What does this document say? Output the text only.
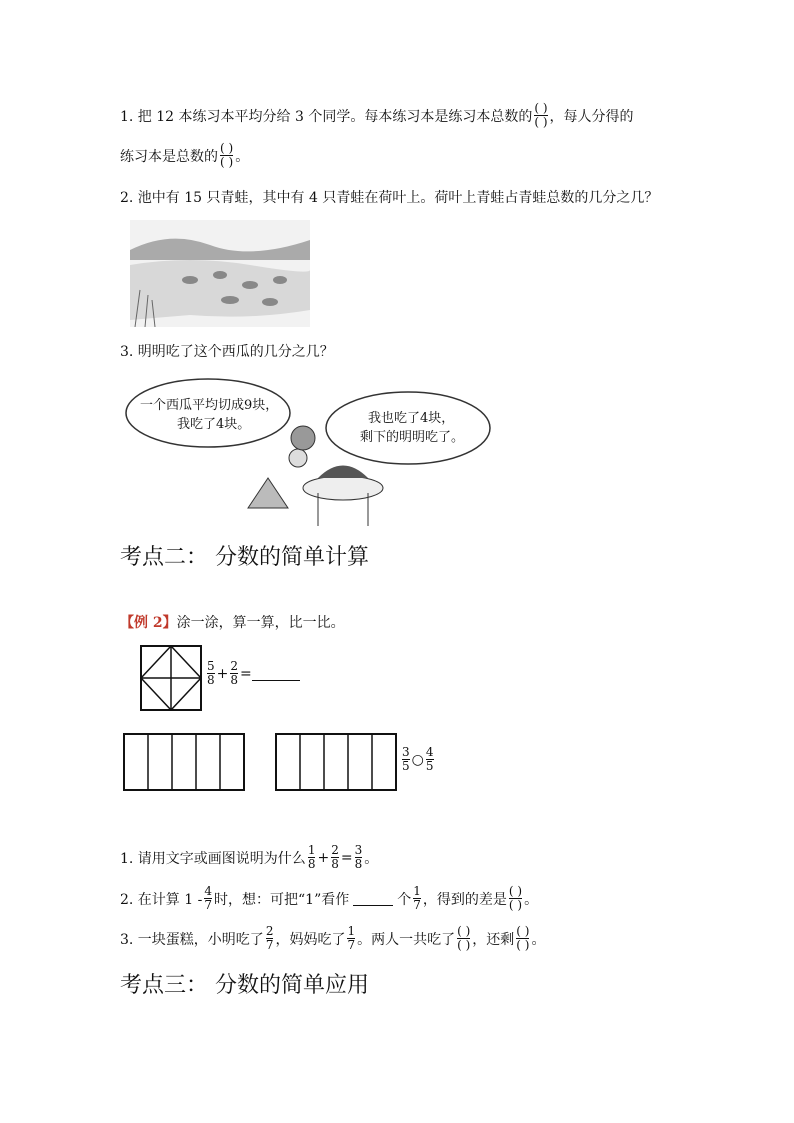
1. 把 12 本练习本平均分给 3 个同学。每本练习本是练习本总数的 $\frac{( )}{( )}$ ，每人分得的
练习本是总数的 $\frac{( )}{( )}$ 。
2. 池中有 15 只青蛙，其中有 4 只青蛙在荷叶上。荷叶上青蛙占青蛙总数的几分之几？
3. 明明吃了这个西瓜的几分之几？
一个西瓜平均切成9块，
我吃了4块。	我也吃了4块，
剩下的明明吃了。
考点二： 分数的简单计算
【例 2】 涂一涂，算一算，比一比。
$\frac{5}{8} + \frac{2}{8}$ =
$\frac{3}{5}$ ○ $\frac{4}{5}$
1. 请用文字或画图说明为什么 $\frac{1}{8} + \frac{2}{8} = \frac{3}{8}$ 。
2. 在计算 $1 - \frac{4}{7}$ 时，想：可把“1”看作	个 $\frac{1}{7}$ ，得到的差是 $\frac{( )}{( )}$ 。
3. 一块蛋糕，小明吃了 $\frac{2}{7}$ ，妈妈吃了 $\frac{1}{7}$ 。两人一共吃了 $\frac{( )}{( )}$ ，还剩 $\frac{( )}{( )}$ 。
考点三： 分数的简单应用
